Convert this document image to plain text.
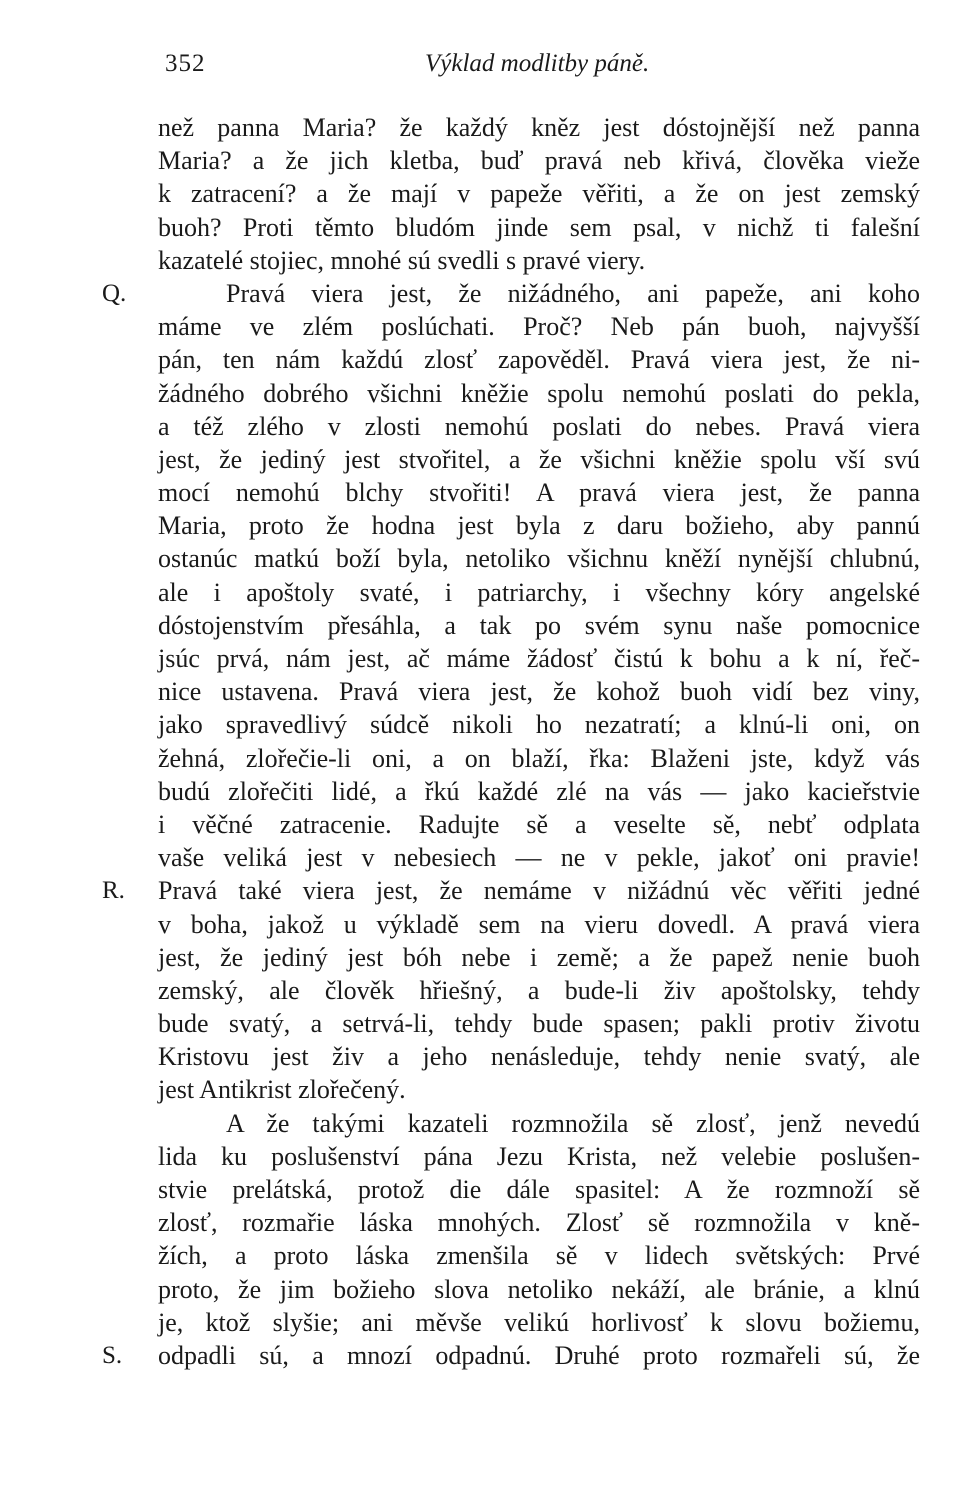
352	Výklad modlitby páně.
než panna Maria? že každý kněz jest dóstojnější než panna
Maria? a že jich kletba, buď pravá neb křivá, člověka vieže
k zatracení? a že mají v papeže věřiti, a že on jest zemský
buoh? Proti těmto bludóm jinde sem psal, v nichž ti falešní
kazatelé stojiec, mnohé sú svedli s pravé viery.
Q.	Pravá viera jest, že nižádného, ani papeže, ani koho
máme ve zlém poslúchati. Proč? Neb pán buoh, najvyšší
pán, ten nám každú zlosť zapověděl. Pravá viera jest, že ni-
žádného dobrého všichni kněžie spolu nemohú poslati do pekla,
a též zlého v zlosti nemohú poslati do nebes. Pravá viera
jest, že jediný jest stvořitel, a že všichni kněžie spolu vší svú
mocí nemohú blchy stvořiti! A pravá viera jest, že panna
Maria, proto že hodna jest byla z daru božieho, aby pannú
ostanúc matkú boží byla, netoliko všichnu kněží nynější chlubnú,
ale i apoštoly svaté, i patriarchy, i všechny kóry angelské
dóstojenstvím přesáhla, a tak po svém synu naše pomocnice
jsúc prvá, nám jest, ač máme žádosť čistú k bohu a k ní, řeč-
nice ustavena. Pravá viera jest, že kohož buoh vidí bez viny,
jako spravedlivý súdcě nikoli ho nezatratí; a klnú-li oni, on
žehná, zlořečie-li oni, a on blaží, řka: Blaženi jste, když vás
budú zlořečiti lidé, a řkú každé zlé na vás — jako kacieřstvie
i věčné zatracenie. Radujte sě a veselte sě, nebť odplata
vaše veliká jest v nebesiech — ne v pekle, jakoť oni pravie!
R. Pravá také viera jest, že nemáme v nižádnú věc věřiti jedné
v boha, jakož u výkladě sem na vieru dovedl. A pravá viera
jest, že jediný jest bóh nebe i země; a že papež nenie buoh
zemský, ale člověk hřiešný, a bude-li živ apoštolsky, tehdy
bude svatý, a setrvá-li, tehdy bude spasen; pakli protiv životu
Kristovu jest živ a jeho nenásleduje, tehdy nenie svatý, ale
jest Antikrist zlořečený.
A že takými kazateli rozmnožila sě zlosť, jenž nevedú
lida ku poslušenství pána Jezu Krista, než velebie poslušen-
stvie prelátská, protož die dále spasitel: A že rozmnoží sě
zlosť, rozmařie láska mnohých. Zlosť sě rozmnožila v kně-
žích, a proto láska zmenšila sě v lidech světských: Prvé
proto, že jim božieho slova netoliko nekáží, ale bránie, a klnú
je, ktož slyšie; ani měvše velikú horlivosť k slovu božiemu,
S. odpadli sú, a mnozí odpadnú. Druhé proto rozmařeli sú, že
